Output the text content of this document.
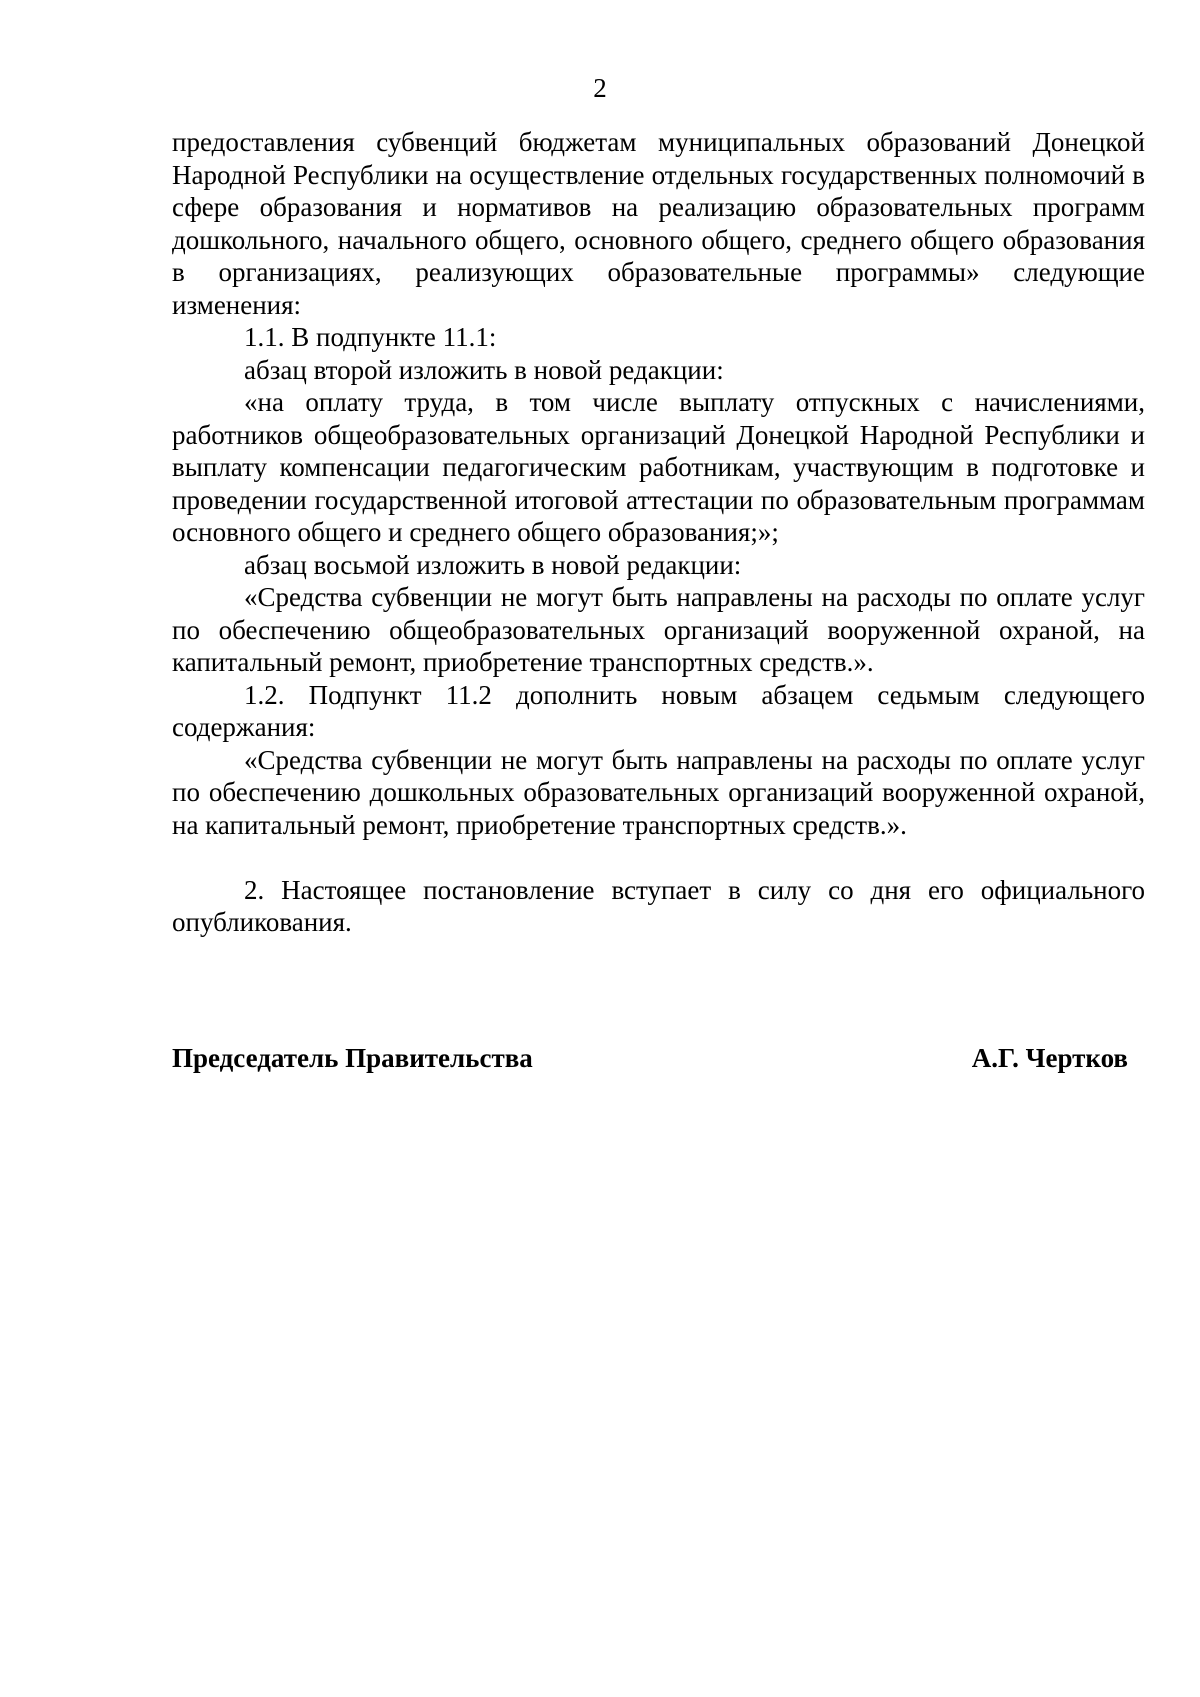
2

предоставления субвенций бюджетам муниципальных образований Донецкой Народной Республики на осуществление отдельных государственных полномочий в сфере образования и нормативов на реализацию образовательных программ дошкольного, начального общего, основного общего, среднего общего образования в организациях, реализующих образовательные программы» следующие изменения:

1.1. В подпункте 11.1:

абзац второй изложить в новой редакции:

«на оплату труда, в том числе выплату отпускных с начислениями, работников общеобразовательных организаций Донецкой Народной Республики и выплату компенсации педагогическим работникам, участвующим в подготовке и проведении государственной итоговой аттестации по образовательным программам основного общего и среднего общего образования;»;

абзац восьмой изложить в новой редакции:

«Средства субвенции не могут быть направлены на расходы по оплате услуг по обеспечению общеобразовательных организаций вооруженной охраной, на капитальный ремонт, приобретение транспортных средств.».

1.2. Подпункт 11.2 дополнить новым абзацем седьмым следующего содержания:

«Средства субвенции не могут быть направлены на расходы по оплате услуг по обеспечению дошкольных образовательных организаций вооруженной охраной, на капитальный ремонт, приобретение транспортных средств.».

2. Настоящее постановление вступает в силу со дня его официального опубликования.

Председатель Правительства	А.Г. Чертков
